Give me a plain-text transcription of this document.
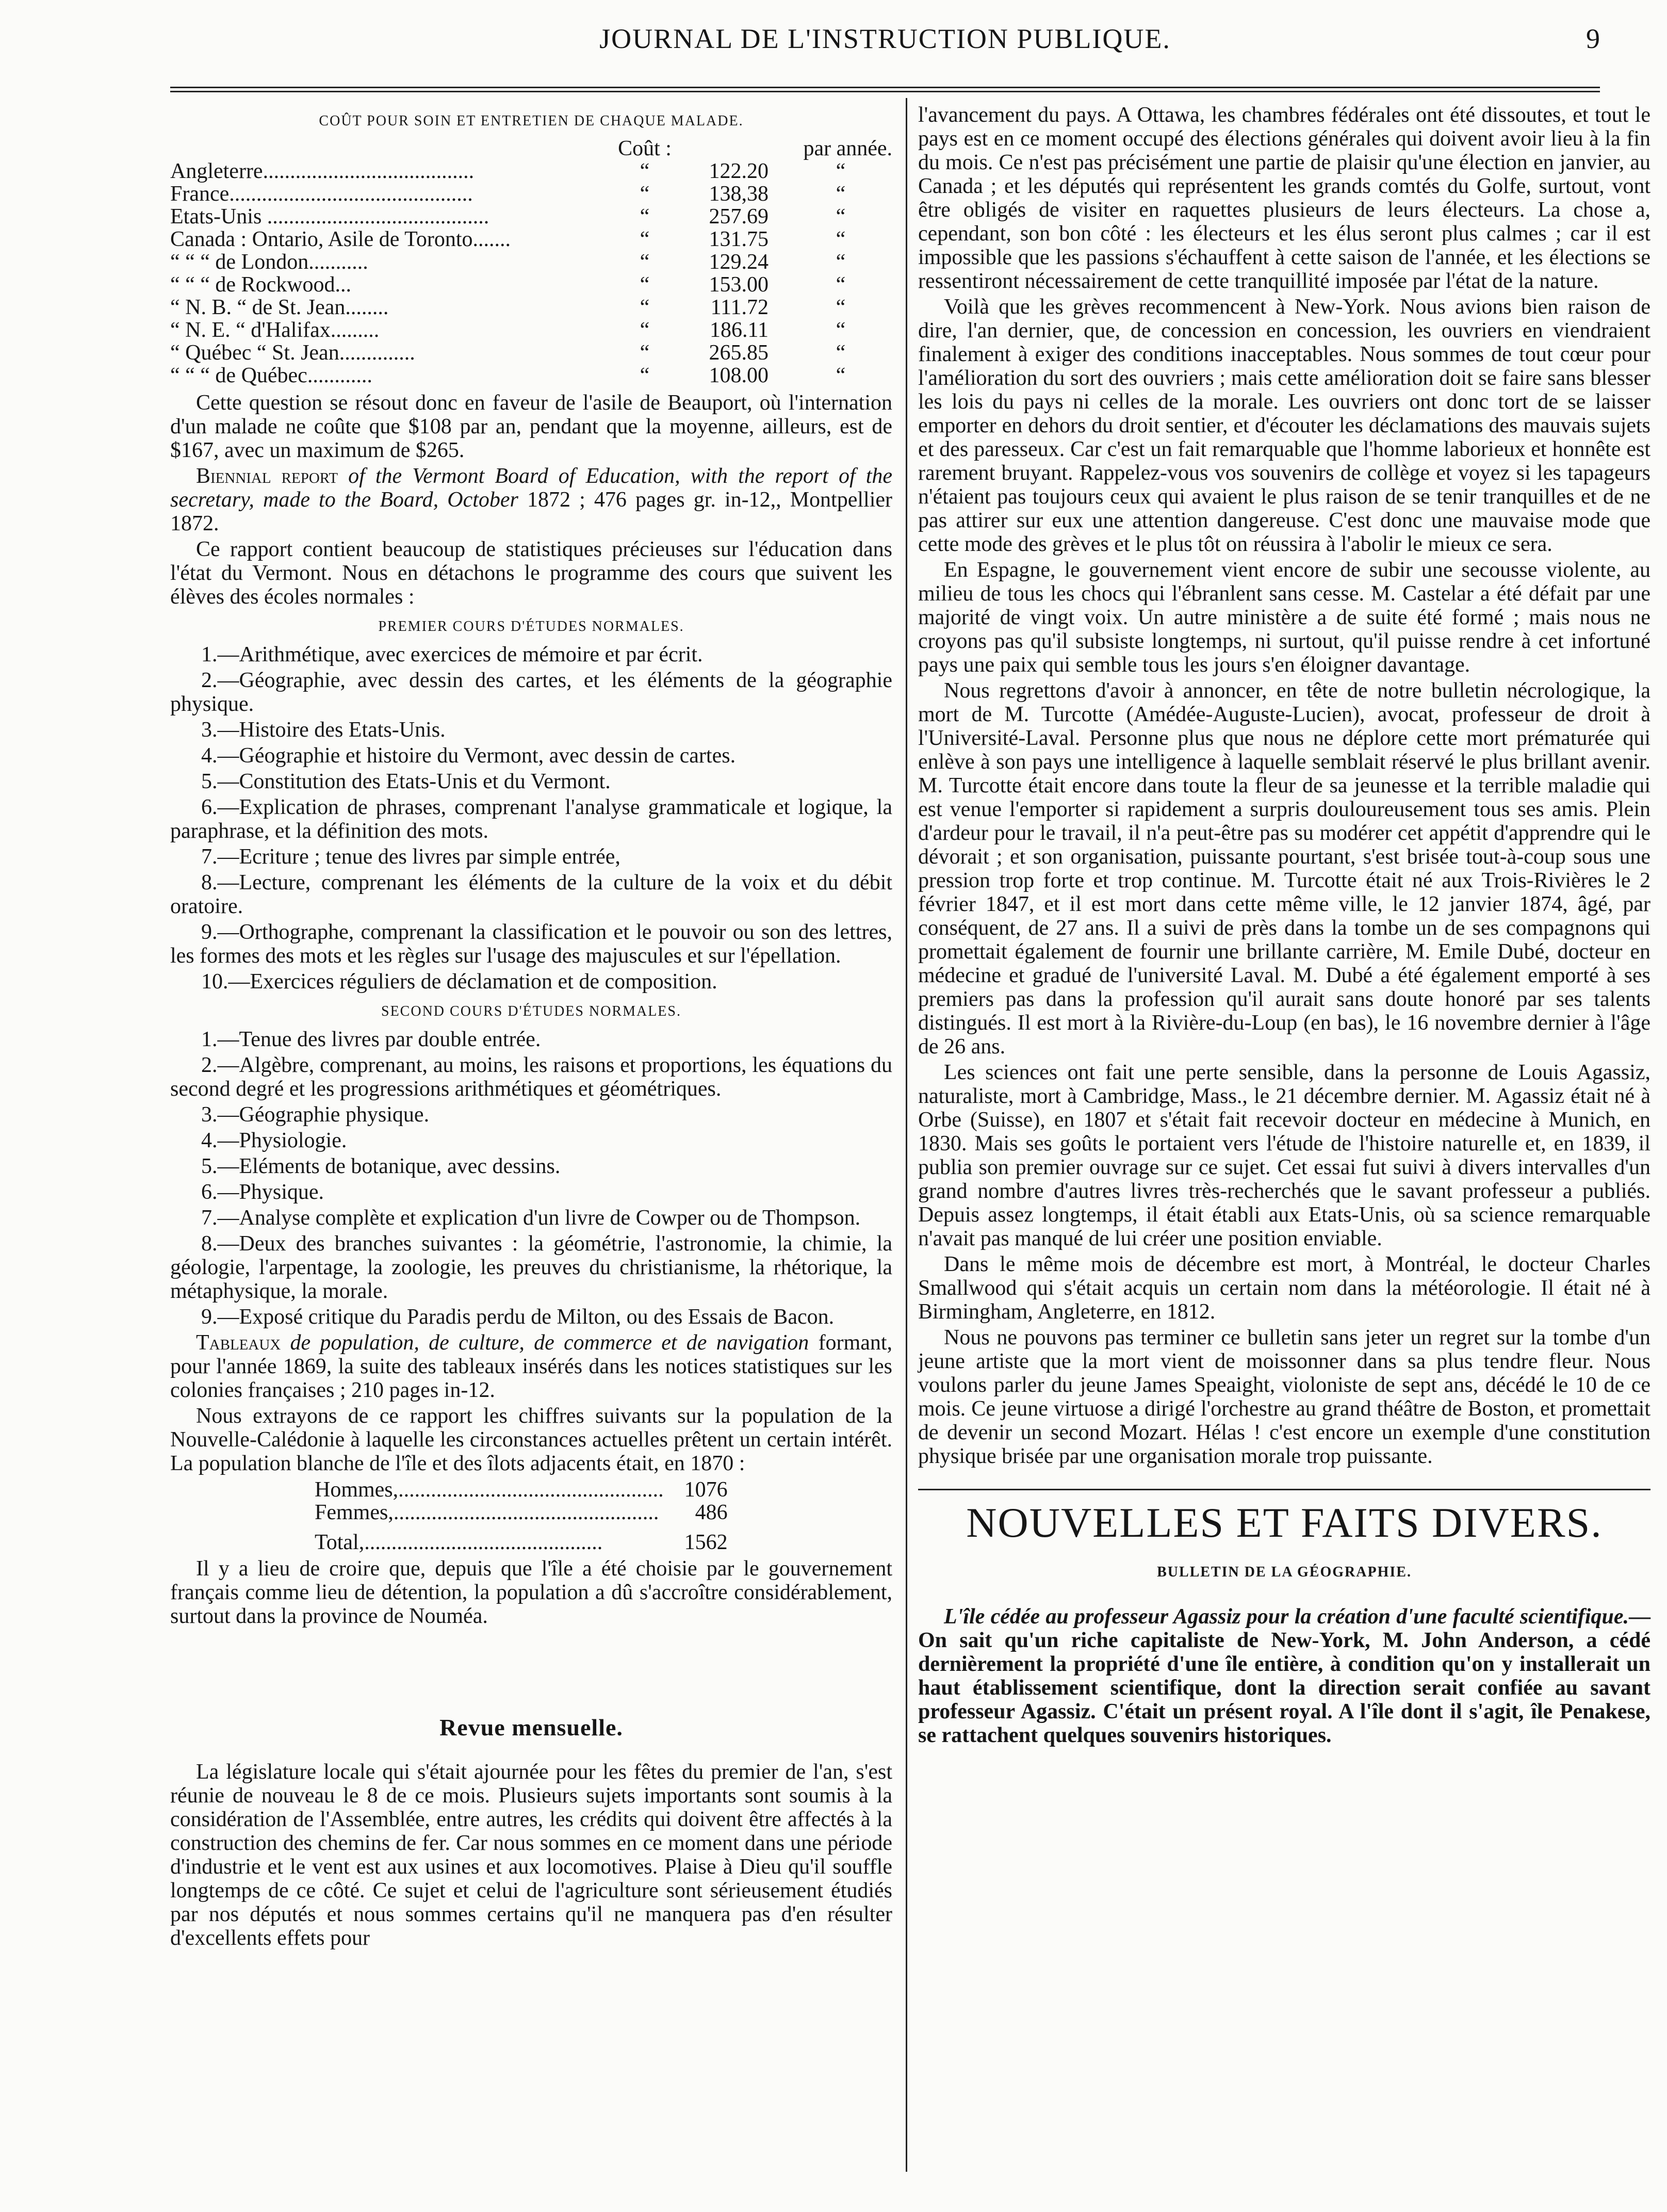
JOURNAL DE L'INSTRUCTION PUBLIQUE.	9
COÛT POUR SOIN ET ENTRETIEN DE CHAQUE MALADE.
	Coût :	par année.	
Angleterre.......................................	“	122.20	“
France.............................................	“	138,38	“
Etats-Unis .........................................	“	257.69	“
Canada : Ontario, Asile de Toronto.......	“	131.75	“
“ “ “ de London...........	“	129.24	“
“ “ “ de Rockwood...	“	153.00	“
“ N. B. “ de St. Jean........	“	111.72	“
“ N. E. “ d'Halifax.........	“	186.11	“
“ Québec “ St. Jean..............	“	265.85	“
“ “ “ de Québec............	“	108.00	“

Cette question se résout donc en faveur de l'asile de Beauport, où l'internation d'un malade ne coûte que $108 par an, pendant que la moyenne, ailleurs, est de $167, avec un maximum de $265.

Biennial report of the Vermont Board of Education, with the report of the secretary, made to the Board, October 1872 ; 476 pages gr. in-12,, Montpellier 1872.

Ce rapport contient beaucoup de statistiques précieuses sur l'éducation dans l'état du Vermont. Nous en détachons le programme des cours que suivent les élèves des écoles normales :

PREMIER COURS D'ÉTUDES NORMALES.

1.—Arithmétique, avec exercices de mémoire et par écrit.

2.—Géographie, avec dessin des cartes, et les éléments de la géographie physique.

3.—Histoire des Etats-Unis.

4.—Géographie et histoire du Vermont, avec dessin de cartes.

5.—Constitution des Etats-Unis et du Vermont.

6.—Explication de phrases, comprenant l'analyse grammaticale et logique, la paraphrase, et la définition des mots.

7.—Ecriture ; tenue des livres par simple entrée,

8.—Lecture, comprenant les éléments de la culture de la voix et du débit oratoire.

9.—Orthographe, comprenant la classification et le pouvoir ou son des lettres, les formes des mots et les règles sur l'usage des majuscules et sur l'épellation.

10.—Exercices réguliers de déclamation et de composition.

SECOND COURS D'ÉTUDES NORMALES.

1.—Tenue des livres par double entrée.

2.—Algèbre, comprenant, au moins, les raisons et proportions, les équations du second degré et les progressions arithmétiques et géométriques.

3.—Géographie physique.

4.—Physiologie.

5.—Eléments de botanique, avec dessins.

6.—Physique.

7.—Analyse complète et explication d'un livre de Cowper ou de Thompson.

8.—Deux des branches suivantes : la géométrie, l'astronomie, la chimie, la géologie, l'arpentage, la zoologie, les preuves du christianisme, la rhétorique, la métaphysique, la morale.

9.—Exposé critique du Paradis perdu de Milton, ou des Essais de Bacon.

Tableaux de population, de culture, de commerce et de navigation formant, pour l'année 1869, la suite des tableaux insérés dans les notices statistiques sur les colonies françaises ; 210 pages in-12.

Nous extrayons de ce rapport les chiffres suivants sur la population de la Nouvelle-Calédonie à laquelle les circonstances actuelles prêtent un certain intérêt. La population blanche de l'île et des îlots adjacents était, en 1870 :

Hommes,.................................................	1076
Femmes,.................................................	486
Total,............................................	1562

Il y a lieu de croire que, depuis que l'île a été choisie par le gouvernement français comme lieu de détention, la population a dû s'accroître considérablement, surtout dans la province de Nouméa.

Revue mensuelle.

La législature locale qui s'était ajournée pour les fêtes du premier de l'an, s'est réunie de nouveau le 8 de ce mois. Plusieurs sujets importants sont soumis à la considération de l'Assemblée, entre autres, les crédits qui doivent être affectés à la construction des chemins de fer. Car nous sommes en ce moment dans une période d'industrie et le vent est aux usines et aux locomotives. Plaise à Dieu qu'il souffle longtemps de ce côté. Ce sujet et celui de l'agriculture sont sérieusement étudiés par nos députés et nous sommes certains qu'il ne manquera pas d'en résulter d'excellents effets pour

l'avancement du pays. A Ottawa, les chambres fédérales ont été dissoutes, et tout le pays est en ce moment occupé des élections générales qui doivent avoir lieu à la fin du mois. Ce n'est pas précisément une partie de plaisir qu'une élection en janvier, au Canada ; et les députés qui représentent les grands comtés du Golfe, surtout, vont être obligés de visiter en raquettes plusieurs de leurs électeurs. La chose a, cependant, son bon côté : les électeurs et les élus seront plus calmes ; car il est impossible que les passions s'échauffent à cette saison de l'année, et les élections se ressentiront nécessairement de cette tranquillité imposée par l'état de la nature.

Voilà que les grèves recommencent à New-York. Nous avions bien raison de dire, l'an dernier, que, de concession en concession, les ouvriers en viendraient finalement à exiger des conditions inacceptables. Nous sommes de tout cœur pour l'amélioration du sort des ouvriers ; mais cette amélioration doit se faire sans blesser les lois du pays ni celles de la morale. Les ouvriers ont donc tort de se laisser emporter en dehors du droit sentier, et d'écouter les déclamations des mauvais sujets et des paresseux. Car c'est un fait remarquable que l'homme laborieux et honnête est rarement bruyant. Rappelez-vous vos souvenirs de collège et voyez si les tapageurs n'étaient pas toujours ceux qui avaient le plus raison de se tenir tranquilles et de ne pas attirer sur eux une attention dangereuse. C'est donc une mauvaise mode que cette mode des grèves et le plus tôt on réussira à l'abolir le mieux ce sera.

En Espagne, le gouvernement vient encore de subir une secousse violente, au milieu de tous les chocs qui l'ébranlent sans cesse. M. Castelar a été défait par une majorité de vingt voix. Un autre ministère a de suite été formé ; mais nous ne croyons pas qu'il subsiste longtemps, ni surtout, qu'il puisse rendre à cet infortuné pays une paix qui semble tous les jours s'en éloigner davantage.

Nous regrettons d'avoir à annoncer, en tête de notre bulletin nécrologique, la mort de M. Turcotte (Amédée-Auguste-Lucien), avocat, professeur de droit à l'Université-Laval. Personne plus que nous ne déplore cette mort prématurée qui enlève à son pays une intelligence à laquelle semblait réservé le plus brillant avenir. M. Turcotte était encore dans toute la fleur de sa jeunesse et la terrible maladie qui est venue l'emporter si rapidement a surpris douloureusement tous ses amis. Plein d'ardeur pour le travail, il n'a peut-être pas su modérer cet appétit d'apprendre qui le dévorait ; et son organisation, puissante pourtant, s'est brisée tout-à-coup sous une pression trop forte et trop continue. M. Turcotte était né aux Trois-Rivières le 2 février 1847, et il est mort dans cette même ville, le 12 janvier 1874, âgé, par conséquent, de 27 ans. Il a suivi de près dans la tombe un de ses compagnons qui promettait également de fournir une brillante carrière, M. Emile Dubé, docteur en médecine et gradué de l'université Laval. M. Dubé a été également emporté à ses premiers pas dans la profession qu'il aurait sans doute honoré par ses talents distingués. Il est mort à la Rivière-du-Loup (en bas), le 16 novembre dernier à l'âge de 26 ans.

Les sciences ont fait une perte sensible, dans la personne de Louis Agassiz, naturaliste, mort à Cambridge, Mass., le 21 décembre dernier. M. Agassiz était né à Orbe (Suisse), en 1807 et s'était fait recevoir docteur en médecine à Munich, en 1830. Mais ses goûts le portaient vers l'étude de l'histoire naturelle et, en 1839, il publia son premier ouvrage sur ce sujet. Cet essai fut suivi à divers intervalles d'un grand nombre d'autres livres très-recherchés que le savant professeur a publiés. Depuis assez longtemps, il était établi aux Etats-Unis, où sa science remarquable n'avait pas manqué de lui créer une position enviable.

Dans le même mois de décembre est mort, à Montréal, le docteur Charles Smallwood qui s'était acquis un certain nom dans la météorologie. Il était né à Birmingham, Angleterre, en 1812.

Nous ne pouvons pas terminer ce bulletin sans jeter un regret sur la tombe d'un jeune artiste que la mort vient de moissonner dans sa plus tendre fleur. Nous voulons parler du jeune James Speaight, violoniste de sept ans, décédé le 10 de ce mois. Ce jeune virtuose a dirigé l'orchestre au grand théâtre de Boston, et promettait de devenir un second Mozart. Hélas ! c'est encore un exemple d'une constitution physique brisée par une organisation morale trop puissante.

NOUVELLES ET FAITS DIVERS.
BULLETIN DE LA GÉOGRAPHIE.

L'île cédée au professeur Agassiz pour la création d'une faculté scientifique.—On sait qu'un riche capitaliste de New-York, M. John Anderson, a cédé dernièrement la propriété d'une île entière, à condition qu'on y installerait un haut établissement scientifique, dont la direction serait confiée au savant professeur Agassiz. C'était un présent royal. A l'île dont il s'agit, île Penakese, se rattachent quelques souvenirs historiques.
